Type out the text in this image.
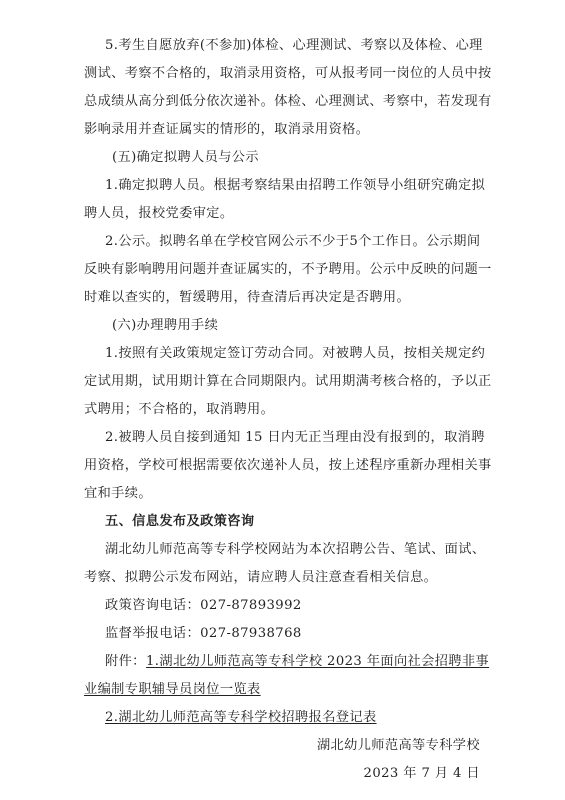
5.考生自愿放弃(不参加)体检、心理测试、考察以及体检、心理
测试、考察不合格的，取消录用资格，可从报考同一岗位的人员中按
总成绩从高分到低分依次递补。体检、心理测试、考察中，若发现有
影响录用并查证属实的情形的，取消录用资格。
(五)确定拟聘人员与公示
1.确定拟聘人员。根据考察结果由招聘工作领导小组研究确定拟
聘人员，报校党委审定。
2.公示。拟聘名单在学校官网公示不少于5个工作日。公示期间
反映有影响聘用问题并查证属实的，不予聘用。公示中反映的问题一
时难以查实的，暂缓聘用，待查清后再决定是否聘用。
(六)办理聘用手续
1.按照有关政策规定签订劳动合同。对被聘人员，按相关规定约
定试用期，试用期计算在合同期限内。试用期满考核合格的，予以正
式聘用；不合格的，取消聘用。
2.被聘人员自接到通知 15 日内无正当理由没有报到的，取消聘
用资格，学校可根据需要依次递补人员，按上述程序重新办理相关事
宜和手续。
五、信息发布及政策咨询
湖北幼儿师范高等专科学校网站为本次招聘公告、笔试、面试、
考察、拟聘公示发布网站，请应聘人员注意查看相关信息。
政策咨询电话：027-87893992
监督举报电话：027-87938768
附件： 1.湖北幼儿师范高等专科学校 2023 年面向社会招聘非事
业编制专职辅导员岗位一览表
2.湖北幼儿师范高等专科学校招聘报名登记表
湖北幼儿师范高等专科学校
2023 年 7 月 4 日
